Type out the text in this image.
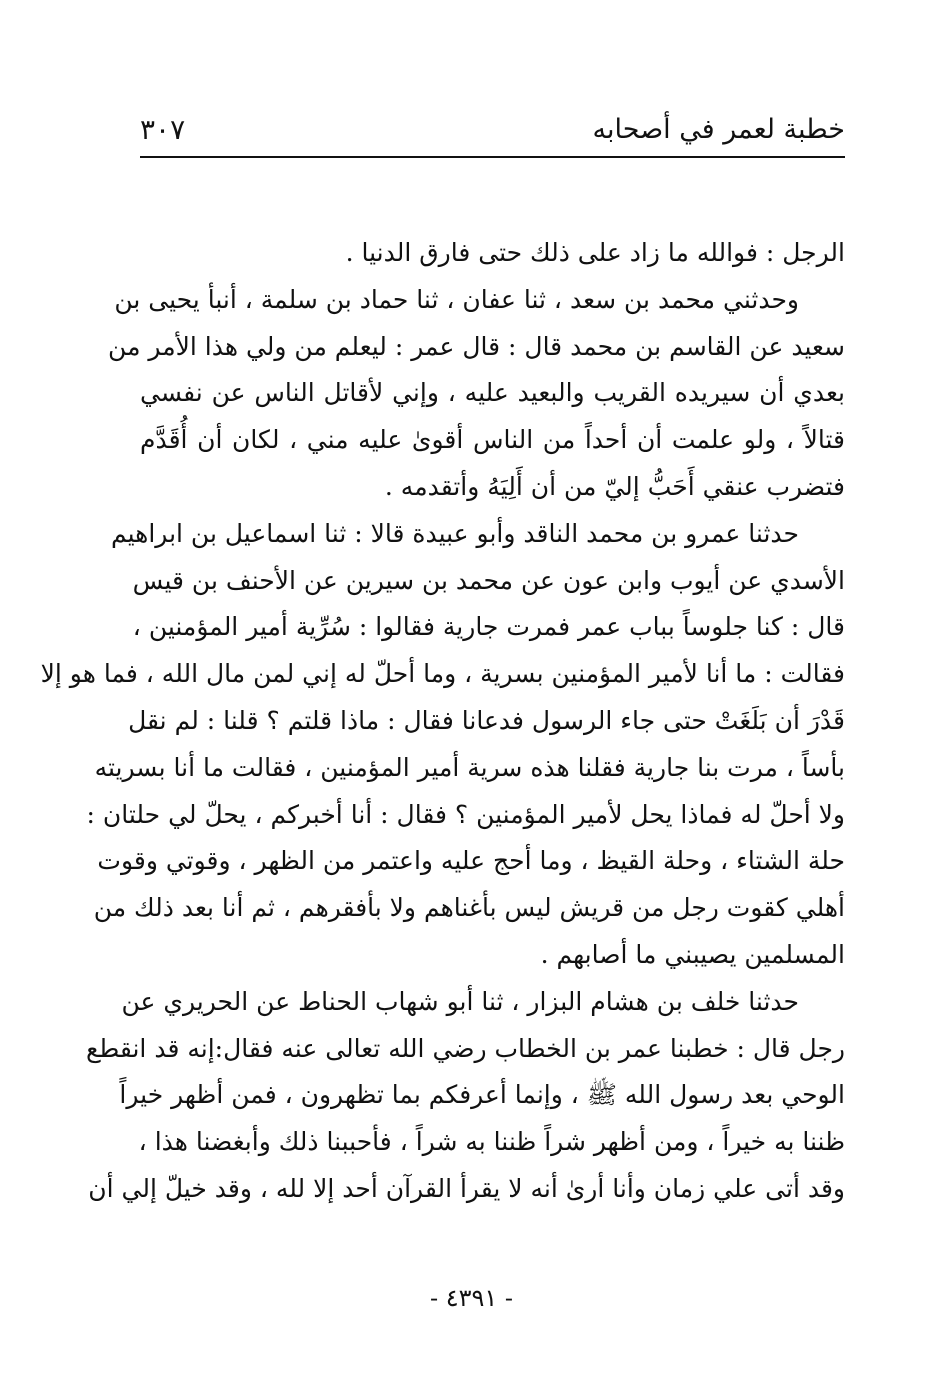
خطبة لعمر في أصحابه
٣٠٧
الرجل : فوالله ما زاد على ذلك حتى فارق الدنيا .
وحدثني محمد بن سعد ، ثنا عفان ، ثنا حماد بن سلمة ، أنبأ يحيى بن
سعيد عن القاسم بن محمد قال : قال عمر : ليعلم من ولي هذا الأمر من
بعدي أن سيريده القريب والبعيد عليه ، وإني لأقاتل الناس عن نفسي
قتالاً ، ولو علمت أن أحداً من الناس أقوىٰ عليه مني ، لكان أن أُقَدَّم
فتضرب عنقي أَحَبُّ إليّ من أن أَلِيَهُ وأتقدمه .
حدثنا عمرو بن محمد الناقد وأبو عبيدة قالا : ثنا اسماعيل بن ابراهيم
الأسدي عن أيوب وابن عون عن محمد بن سيرين عن الأحنف بن قيس
قال : كنا جلوساً بباب عمر فمرت جارية فقالوا : سُرِّية أمير المؤمنين ،
فقالت : ما أنا لأمير المؤمنين بسرية ، وما أحلّ له إني لمن مال الله ، فما هو إلا
قَدْرَ أن بَلَغَتْ حتى جاء الرسول فدعانا فقال : ماذا قلتم ؟ قلنا : لم نقل
بأساً ، مرت بنا جارية فقلنا هذه سرية أمير المؤمنين ، فقالت ما أنا بسريته
ولا أحلّ له فماذا يحل لأمير المؤمنين ؟ فقال : أنا أخبركم ، يحلّ لي حلتان :
حلة الشتاء ، وحلة القيظ ، وما أحج عليه واعتمر من الظهر ، وقوتي وقوت
أهلي كقوت رجل من قريش ليس بأغناهم ولا بأفقرهم ، ثم أنا بعد ذلك من
المسلمين يصيبني ما أصابهم .
حدثنا خلف بن هشام البزار ، ثنا أبو شهاب الحناط عن الحريري عن
رجل قال : خطبنا عمر بن الخطاب رضي الله تعالى عنه فقال:إنه قد انقطع
الوحي بعد رسول الله ﷺ ، وإنما أعرفكم بما تظهرون ، فمن أظهر خيراً
ظننا به خيراً ، ومن أظهر شراً ظننا به شراً ، فأحببنا ذلك وأبغضنا هذا ،
وقد أتى علي زمان وأنا أرىٰ أنه لا يقرأ القرآن أحد إلا لله ، وقد خيلّ إلي أن
- ٤٣٩١ -
